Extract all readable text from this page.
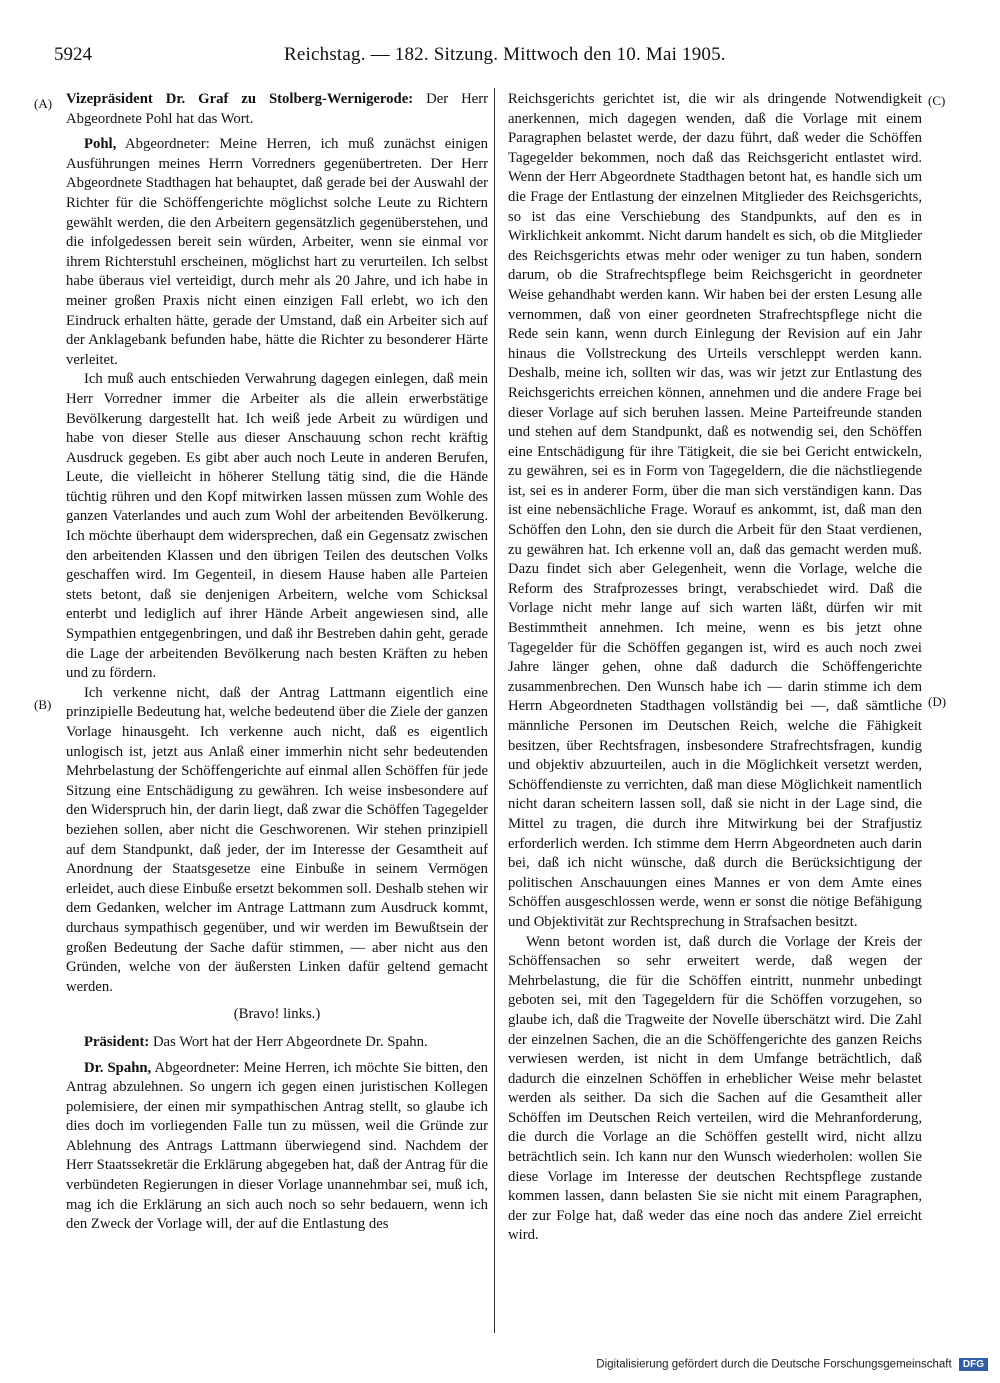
5924	Reichstag. — 182. Sitzung. Mittwoch den 10. Mai 1905.
(A)
(B)
(C)
(D)

Vizepräsident Dr. Graf zu Stolberg-Wernigerode: Der Herr Abgeordnete Pohl hat das Wort.

Pohl, Abgeordneter: Meine Herren, ich muß zunächst einigen Ausführungen meines Herrn Vorredners gegenübertreten. Der Herr Abgeordnete Stadthagen hat behauptet, daß gerade bei der Auswahl der Richter für die Schöffengerichte möglichst solche Leute zu Richtern gewählt werden, die den Arbeitern gegensätzlich gegenüberstehen, und die infolgedessen bereit sein würden, Arbeiter, wenn sie einmal vor ihrem Richterstuhl erscheinen, möglichst hart zu verurteilen. Ich selbst habe überaus viel verteidigt, durch mehr als 20 Jahre, und ich habe in meiner großen Praxis nicht einen einzigen Fall erlebt, wo ich den Eindruck erhalten hätte, gerade der Umstand, daß ein Arbeiter sich auf der Anklagebank befunden habe, hätte die Richter zu besonderer Härte verleitet.

Ich muß auch entschieden Verwahrung dagegen einlegen, daß mein Herr Vorredner immer die Arbeiter als die allein erwerbstätige Bevölkerung dargestellt hat. Ich weiß jede Arbeit zu würdigen und habe von dieser Stelle aus dieser Anschauung schon recht kräftig Ausdruck gegeben. Es gibt aber auch noch Leute in anderen Berufen, Leute, die vielleicht in höherer Stellung tätig sind, die die Hände tüchtig rühren und den Kopf mitwirken lassen müssen zum Wohle des ganzen Vaterlandes und auch zum Wohl der arbeitenden Bevölkerung. Ich möchte überhaupt dem widersprechen, daß ein Gegensatz zwischen den arbeitenden Klassen und den übrigen Teilen des deutschen Volks geschaffen wird. Im Gegenteil, in diesem Hause haben alle Parteien stets betont, daß sie denjenigen Arbeitern, welche vom Schicksal enterbt und lediglich auf ihrer Hände Arbeit angewiesen sind, alle Sympathien entgegenbringen, und daß ihr Bestreben dahin geht, gerade die Lage der arbeitenden Bevölkerung nach besten Kräften zu heben und zu fördern.

Ich verkenne nicht, daß der Antrag Lattmann eigentlich eine prinzipielle Bedeutung hat, welche bedeutend über die Ziele der ganzen Vorlage hinausgeht. Ich verkenne auch nicht, daß es eigentlich unlogisch ist, jetzt aus Anlaß einer immerhin nicht sehr bedeutenden Mehrbelastung der Schöffengerichte auf einmal allen Schöffen für jede Sitzung eine Entschädigung zu gewähren. Ich weise insbesondere auf den Widerspruch hin, der darin liegt, daß zwar die Schöffen Tagegelder beziehen sollen, aber nicht die Geschworenen. Wir stehen prinzipiell auf dem Standpunkt, daß jeder, der im Interesse der Gesamtheit auf Anordnung der Staatsgesetze eine Einbuße in seinem Vermögen erleidet, auch diese Einbuße ersetzt bekommen soll. Deshalb stehen wir dem Gedanken, welcher im Antrage Lattmann zum Ausdruck kommt, durchaus sympathisch gegenüber, und wir werden im Bewußtsein der großen Bedeutung der Sache dafür stimmen, — aber nicht aus den Gründen, welche von der äußersten Linken dafür geltend gemacht werden.

(Bravo! links.)

Präsident: Das Wort hat der Herr Abgeordnete Dr. Spahn.

Dr. Spahn, Abgeordneter: Meine Herren, ich möchte Sie bitten, den Antrag abzulehnen. So ungern ich gegen einen juristischen Kollegen polemisiere, der einen mir sympathischen Antrag stellt, so glaube ich dies doch im vorliegenden Falle tun zu müssen, weil die Gründe zur Ablehnung des Antrags Lattmann überwiegend sind. Nachdem der Herr Staatssekretär die Erklärung abgegeben hat, daß der Antrag für die verbündeten Regierungen in dieser Vorlage unannehmbar sei, muß ich, mag ich die Erklärung an sich auch noch so sehr bedauern, wenn ich den Zweck der Vorlage will, der auf die Entlastung des

Reichsgerichts gerichtet ist, die wir als dringende Notwendigkeit anerkennen, mich dagegen wenden, daß die Vorlage mit einem Paragraphen belastet werde, der dazu führt, daß weder die Schöffen Tagegelder bekommen, noch daß das Reichsgericht entlastet wird. Wenn der Herr Abgeordnete Stadthagen betont hat, es handle sich um die Frage der Entlastung der einzelnen Mitglieder des Reichsgerichts, so ist das eine Verschiebung des Standpunkts, auf den es in Wirklichkeit ankommt. Nicht darum handelt es sich, ob die Mitglieder des Reichsgerichts etwas mehr oder weniger zu tun haben, sondern darum, ob die Strafrechtspflege beim Reichsgericht in geordneter Weise gehandhabt werden kann. Wir haben bei der ersten Lesung alle vernommen, daß von einer geordneten Strafrechtspflege nicht die Rede sein kann, wenn durch Einlegung der Revision auf ein Jahr hinaus die Vollstreckung des Urteils verschleppt werden kann. Deshalb, meine ich, sollten wir das, was wir jetzt zur Entlastung des Reichsgerichts erreichen können, annehmen und die andere Frage bei dieser Vorlage auf sich beruhen lassen. Meine Parteifreunde standen und stehen auf dem Standpunkt, daß es notwendig sei, den Schöffen eine Entschädigung für ihre Tätigkeit, die sie bei Gericht entwickeln, zu gewähren, sei es in Form von Tagegeldern, die die nächstliegende ist, sei es in anderer Form, über die man sich verständigen kann. Das ist eine nebensächliche Frage. Worauf es ankommt, ist, daß man den Schöffen den Lohn, den sie durch die Arbeit für den Staat verdienen, zu gewähren hat. Ich erkenne voll an, daß das gemacht werden muß. Dazu findet sich aber Gelegenheit, wenn die Vorlage, welche die Reform des Strafprozesses bringt, verabschiedet wird. Daß die Vorlage nicht mehr lange auf sich warten läßt, dürfen wir mit Bestimmtheit annehmen. Ich meine, wenn es bis jetzt ohne Tagegelder für die Schöffen gegangen ist, wird es auch noch zwei Jahre länger gehen, ohne daß dadurch die Schöffengerichte zusammenbrechen. Den Wunsch habe ich — darin stimme ich dem Herrn Abgeordneten Stadthagen vollständig bei —, daß sämtliche männliche Personen im Deutschen Reich, welche die Fähigkeit besitzen, über Rechtsfragen, insbesondere Strafrechtsfragen, kundig und objektiv abzuurteilen, auch in die Möglichkeit versetzt werden, Schöffendienste zu verrichten, daß man diese Möglichkeit namentlich nicht daran scheitern lassen soll, daß sie nicht in der Lage sind, die Mittel zu tragen, die durch ihre Mitwirkung bei der Strafjustiz erforderlich werden. Ich stimme dem Herrn Abgeordneten auch darin bei, daß ich nicht wünsche, daß durch die Berücksichtigung der politischen Anschauungen eines Mannes er von dem Amte eines Schöffen ausgeschlossen werde, wenn er sonst die nötige Befähigung und Objektivität zur Rechtsprechung in Strafsachen besitzt.

Wenn betont worden ist, daß durch die Vorlage der Kreis der Schöffensachen so sehr erweitert werde, daß wegen der Mehrbelastung, die für die Schöffen eintritt, nunmehr unbedingt geboten sei, mit den Tagegeldern für die Schöffen vorzugehen, so glaube ich, daß die Tragweite der Novelle überschätzt wird. Die Zahl der einzelnen Sachen, die an die Schöffengerichte des ganzen Reichs verwiesen werden, ist nicht in dem Umfange beträchtlich, daß dadurch die einzelnen Schöffen in erheblicher Weise mehr belastet werden als seither. Da sich die Sachen auf die Gesamtheit aller Schöffen im Deutschen Reich verteilen, wird die Mehranforderung, die durch die Vorlage an die Schöffen gestellt wird, nicht allzu beträchtlich sein. Ich kann nur den Wunsch wiederholen: wollen Sie diese Vorlage im Interesse der deutschen Rechtspflege zustande kommen lassen, dann belasten Sie sie nicht mit einem Paragraphen, der zur Folge hat, daß weder das eine noch das andere Ziel erreicht wird.

Digitalisierung gefördert durch die Deutsche Forschungsgemeinschaft DFG
